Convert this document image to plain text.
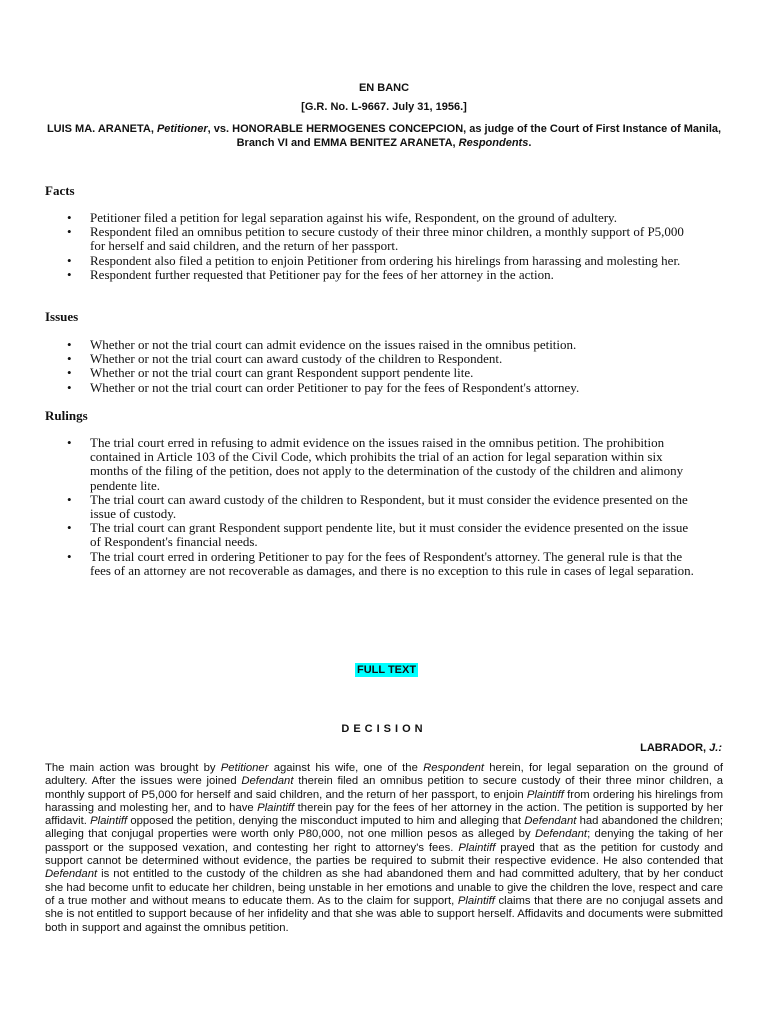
EN BANC
[G.R. No. L-9667. July 31, 1956.]
LUIS MA. ARANETA, Petitioner, vs. HONORABLE HERMOGENES CONCEPCION, as judge of the Court of First Instance of Manila, Branch VI and EMMA BENITEZ ARANETA, Respondents.
Facts
• Petitioner filed a petition for legal separation against his wife, Respondent, on the ground of adultery.
• Respondent filed an omnibus petition to secure custody of their three minor children, a monthly support of P5,000 for herself and said children, and the return of her passport.
• Respondent also filed a petition to enjoin Petitioner from ordering his hirelings from harassing and molesting her.
• Respondent further requested that Petitioner pay for the fees of her attorney in the action.
Issues
• Whether or not the trial court can admit evidence on the issues raised in the omnibus petition.
• Whether or not the trial court can award custody of the children to Respondent.
• Whether or not the trial court can grant Respondent support pendente lite.
• Whether or not the trial court can order Petitioner to pay for the fees of Respondent's attorney.
Rulings
• The trial court erred in refusing to admit evidence on the issues raised in the omnibus petition. The prohibition contained in Article 103 of the Civil Code, which prohibits the trial of an action for legal separation within six months of the filing of the petition, does not apply to the determination of the custody of the children and alimony pendente lite.
• The trial court can award custody of the children to Respondent, but it must consider the evidence presented on the issue of custody.
• The trial court can grant Respondent support pendente lite, but it must consider the evidence presented on the issue of Respondent's financial needs.
• The trial court erred in ordering Petitioner to pay for the fees of Respondent's attorney. The general rule is that the fees of an attorney are not recoverable as damages, and there is no exception to this rule in cases of legal separation.
FULL TEXT
DECISION
LABRADOR, J.:
The main action was brought by Petitioner against his wife, one of the Respondent herein, for legal separation on the ground of adultery. After the issues were joined Defendant therein filed an omnibus petition to secure custody of their three minor children, a monthly support of P5,000 for herself and said children, and the return of her passport, to enjoin Plaintiff from ordering his hirelings from harassing and molesting her, and to have Plaintiff therein pay for the fees of her attorney in the action. The petition is supported by her affidavit. Plaintiff opposed the petition, denying the misconduct imputed to him and alleging that Defendant had abandoned the children; alleging that conjugal properties were worth only P80,000, not one million pesos as alleged by Defendant; denying the taking of her passport or the supposed vexation, and contesting her right to attorney's fees. Plaintiff prayed that as the petition for custody and support cannot be determined without evidence, the parties be required to submit their respective evidence. He also contended that Defendant is not entitled to the custody of the children as she had abandoned them and had committed adultery, that by her conduct she had become unfit to educate her children, being unstable in her emotions and unable to give the children the love, respect and care of a true mother and without means to educate them. As to the claim for support, Plaintiff claims that there are no conjugal assets and she is not entitled to support because of her infidelity and that she was able to support herself. Affidavits and documents were submitted both in support and against the omnibus petition.
